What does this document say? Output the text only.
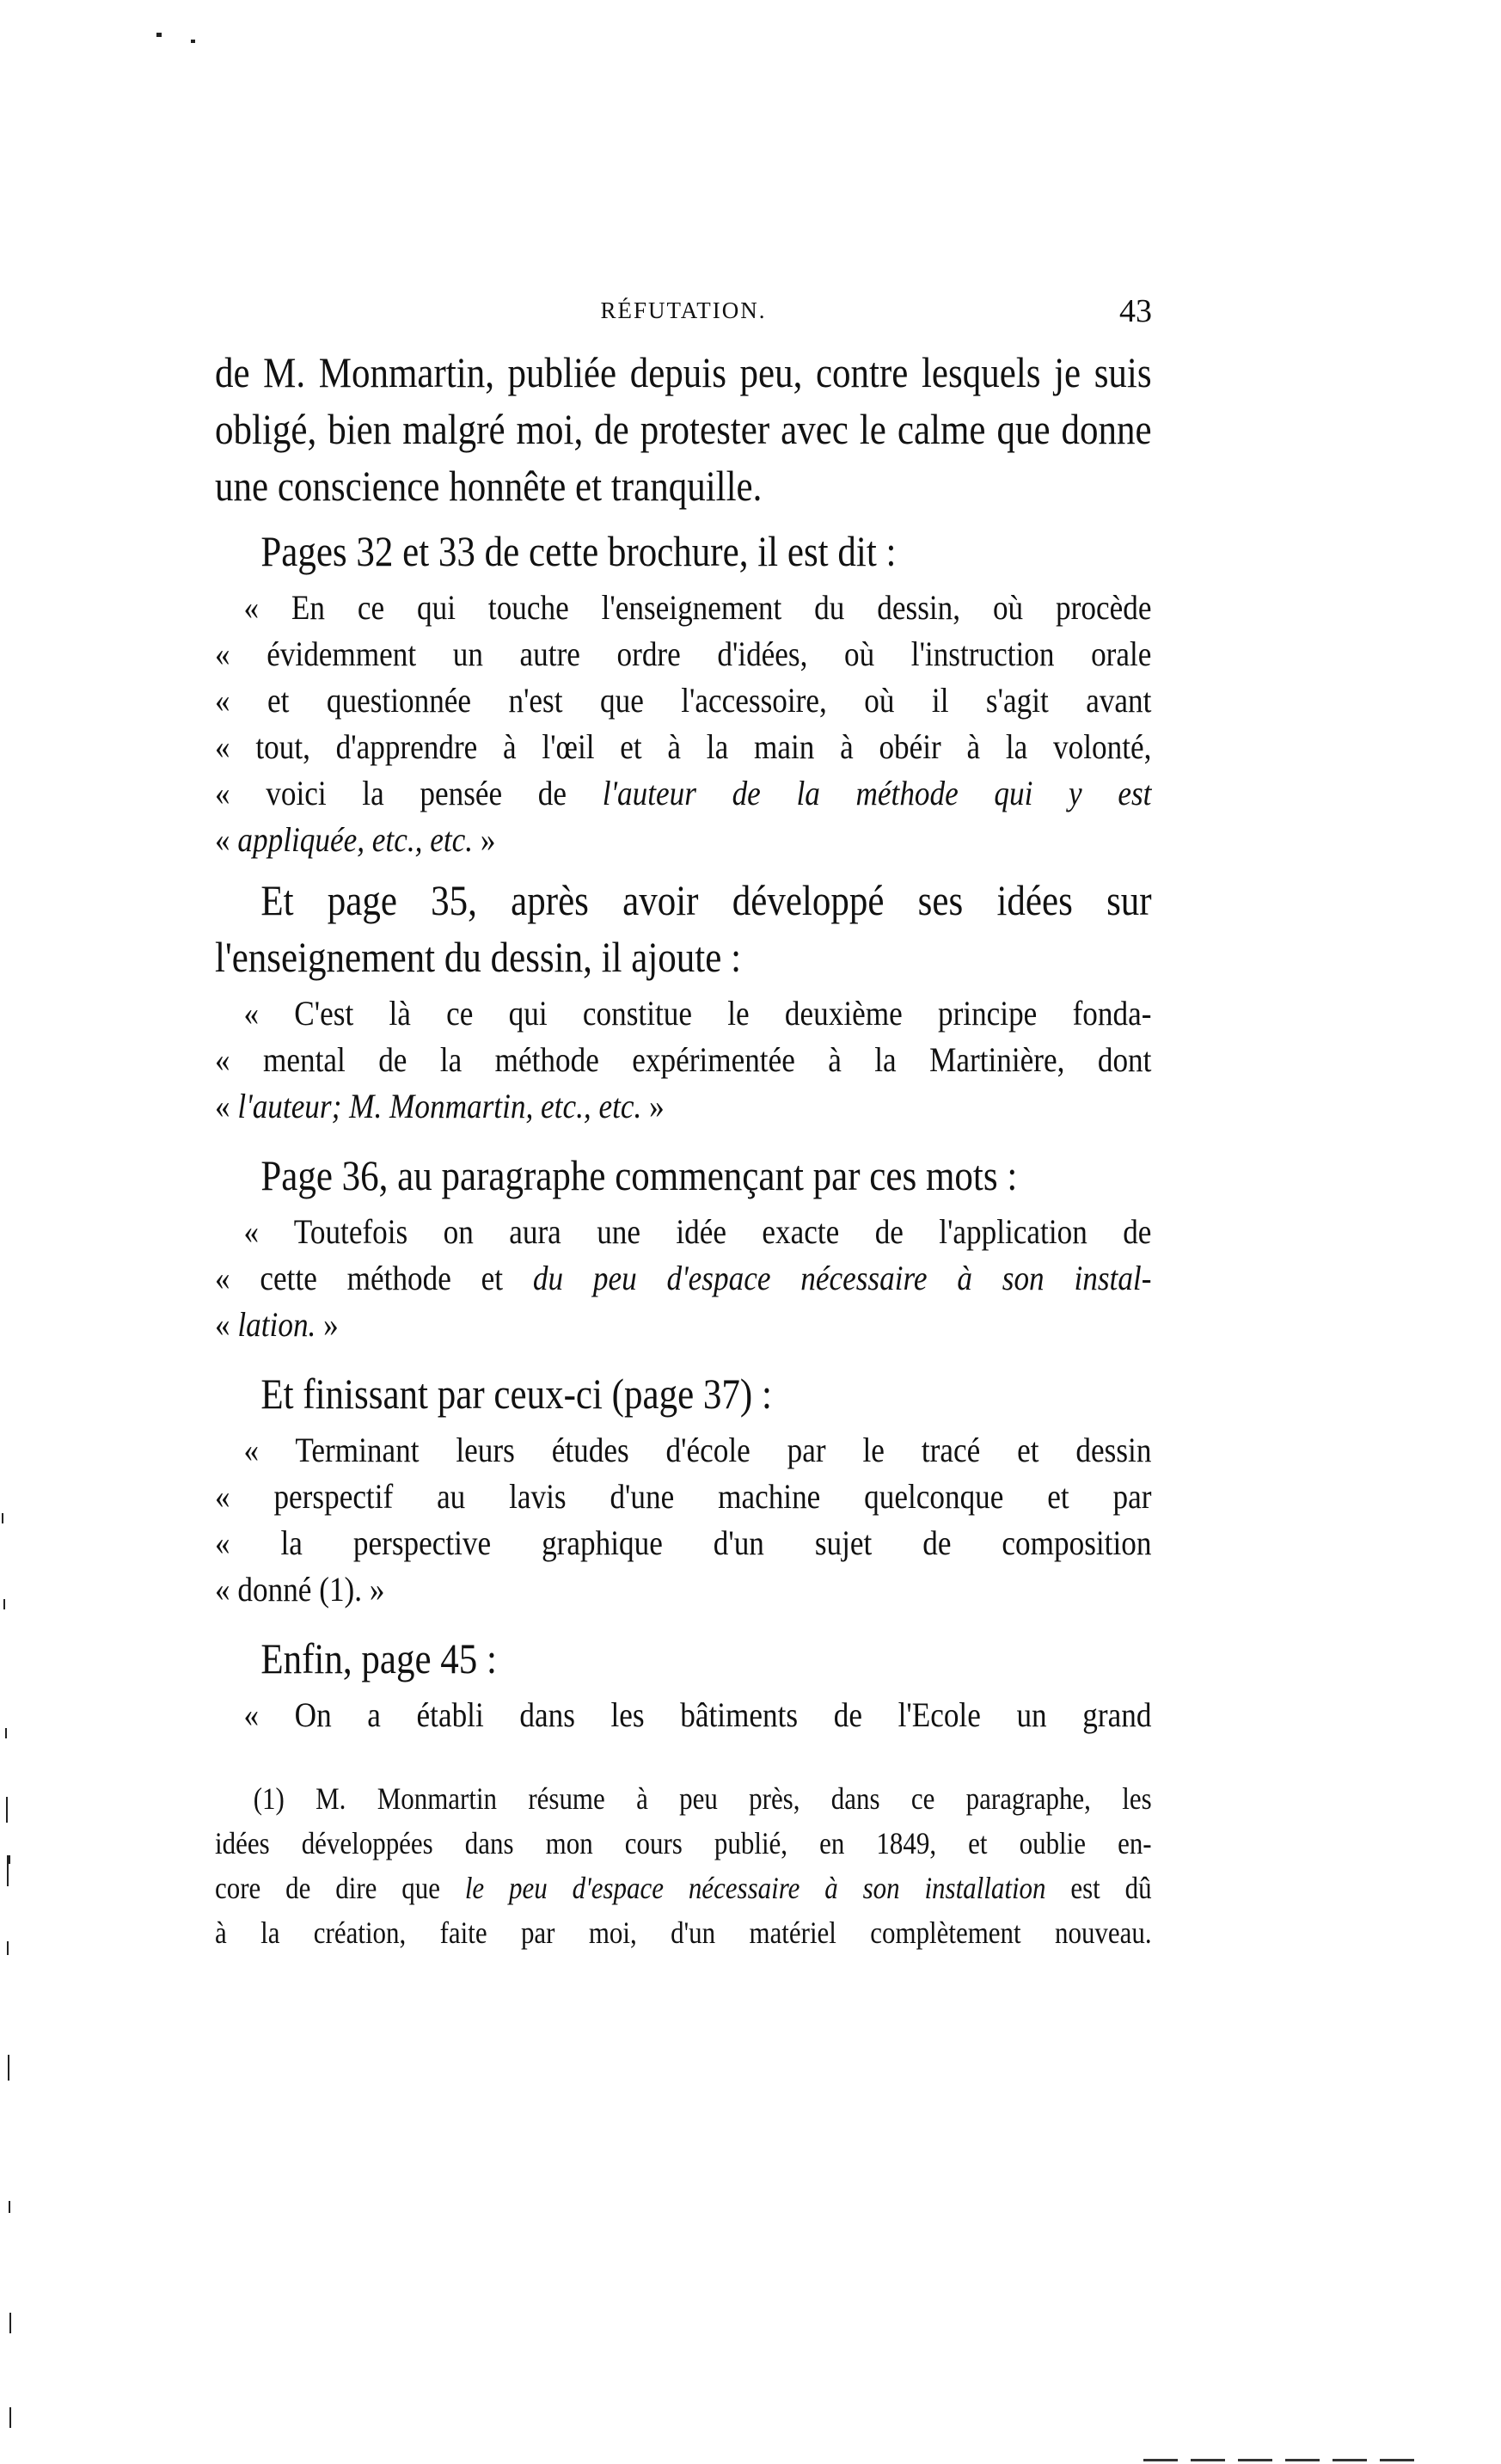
RÉFUTATION.	43

de M. Monmartin, publiée depuis peu, contre lesquels je suis obligé, bien malgré moi, de protester avec le calme que donne une conscience honnête et tranquille.

Pages 32 et 33 de cette brochure, il est dit :

« En ce qui touche l'enseignement du dessin, où procède
« évidemment un autre ordre d'idées, où l'instruction orale
« et questionnée n'est que l'accessoire, où il s'agit avant
« tout, d'apprendre à l'œil et à la main à obéir à la volonté,
« voici la pensée de l'auteur de la méthode qui y est
« appliquée, etc., etc. »

Et page 35, après avoir développé ses idées sur l'enseignement du dessin, il ajoute :

« C'est là ce qui constitue le deuxième principe fonda-
« mental de la méthode expérimentée à la Martinière, dont
« l'auteur; M. Monmartin, etc., etc. »

Page 36, au paragraphe commençant par ces mots :

« Toutefois on aura une idée exacte de l'application de
« cette méthode et du peu d'espace nécessaire à son instal-
« lation. »

Et finissant par ceux-ci (page 37) :

« Terminant leurs études d'école par le tracé et dessin
« perspectif au lavis d'une machine quelconque et par
« la perspective graphique d'un sujet de composition
« donné (1). »

Enfin, page 45 :

« On a établi dans les bâtiments de l'Ecole un grand
(1) M. Monmartin résume à peu près, dans ce paragraphe, les
idées développées dans mon cours publié, en 1849, et oublie en-
core de dire que le peu d'espace nécessaire à son installation est dû
à la création, faite par moi, d'un matériel complètement nouveau.
